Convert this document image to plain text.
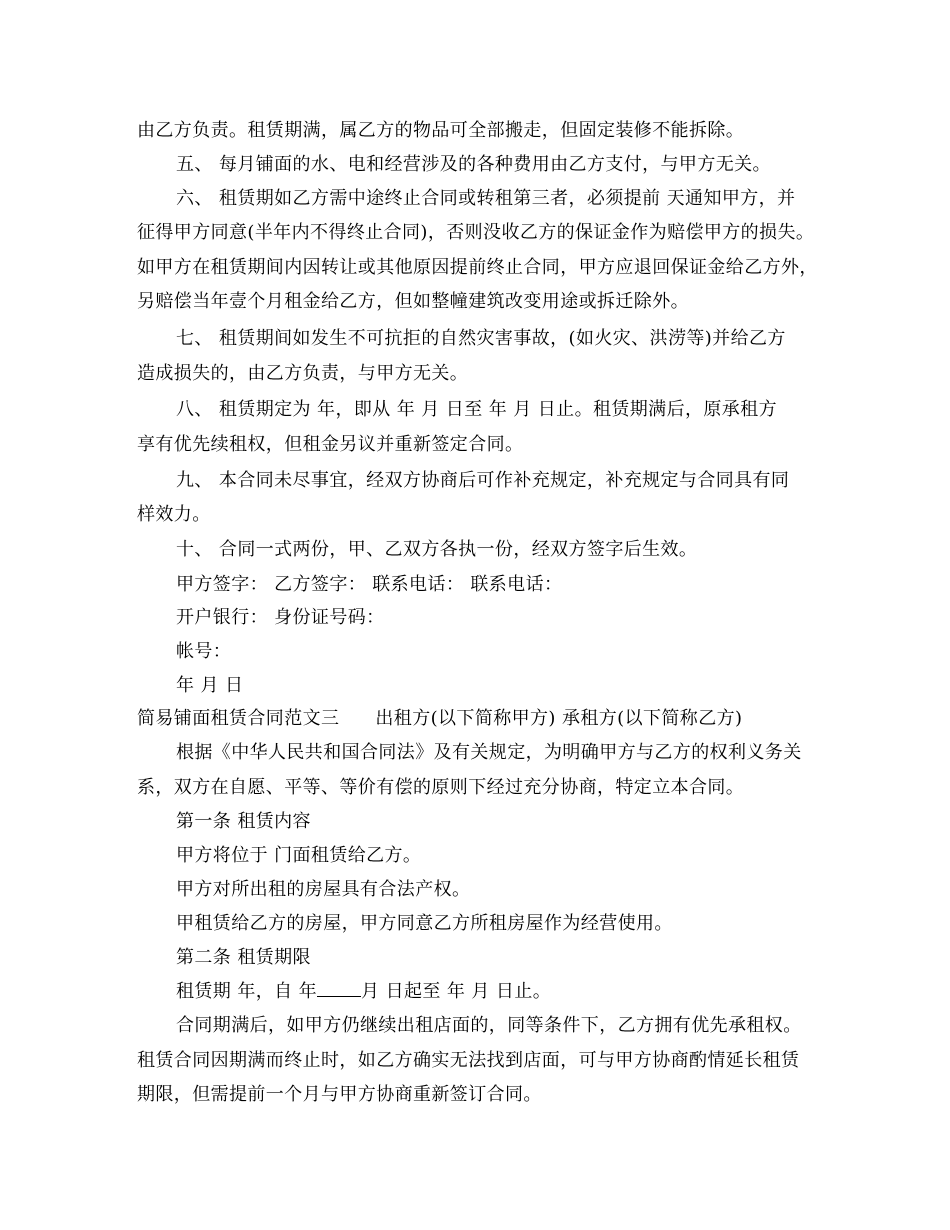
由乙方负责。租赁期满，属乙方的物品可全部搬走，但固定装修不能拆除。
五、 每月铺面的水、电和经营涉及的各种费用由乙方支付，与甲方无关。
六、 租赁期如乙方需中途终止合同或转租第三者，必须提前 天通知甲方，并
征得甲方同意(半年内不得终止合同)，否则没收乙方的保证金作为赔偿甲方的损失。
如甲方在租赁期间内因转让或其他原因提前终止合同，甲方应退回保证金给乙方外，
另赔偿当年壹个月租金给乙方，但如整幢建筑改变用途或拆迁除外。
七、 租赁期间如发生不可抗拒的自然灾害事故，(如火灾、洪涝等)并给乙方
造成损失的，由乙方负责，与甲方无关。
八、 租赁期定为 年，即从 年 月 日至 年 月 日止。租赁期满后，原承租方
享有优先续租权，但租金另议并重新签定合同。
九、 本合同未尽事宜，经双方协商后可作补充规定，补充规定与合同具有同
样效力。
十、 合同一式两份，甲、乙双方各执一份，经双方签字后生效。
甲方签字： 乙方签字： 联系电话： 联系电话：
开户银行： 身份证号码：
帐号：
年 月 日
简易铺面租赁合同范文三 出租方(以下简称甲方) 承租方(以下简称乙方)
根据《中华人民共和国合同法》及有关规定，为明确甲方与乙方的权利义务关
系，双方在自愿、平等、等价有偿的原则下经过充分协商，特定立本合同。
第一条 租赁内容
甲方将位于 门面租赁给乙方。
甲方对所出租的房屋具有合法产权。
甲租赁给乙方的房屋，甲方同意乙方所租房屋作为经营使用。
第二条 租赁期限
租赁期 年，自 年 月 日起至 年 月 日止。
合同期满后，如甲方仍继续出租店面的，同等条件下，乙方拥有优先承租权。
租赁合同因期满而终止时，如乙方确实无法找到店面，可与甲方协商酌情延长租赁
期限，但需提前一个月与甲方协商重新签订合同。
